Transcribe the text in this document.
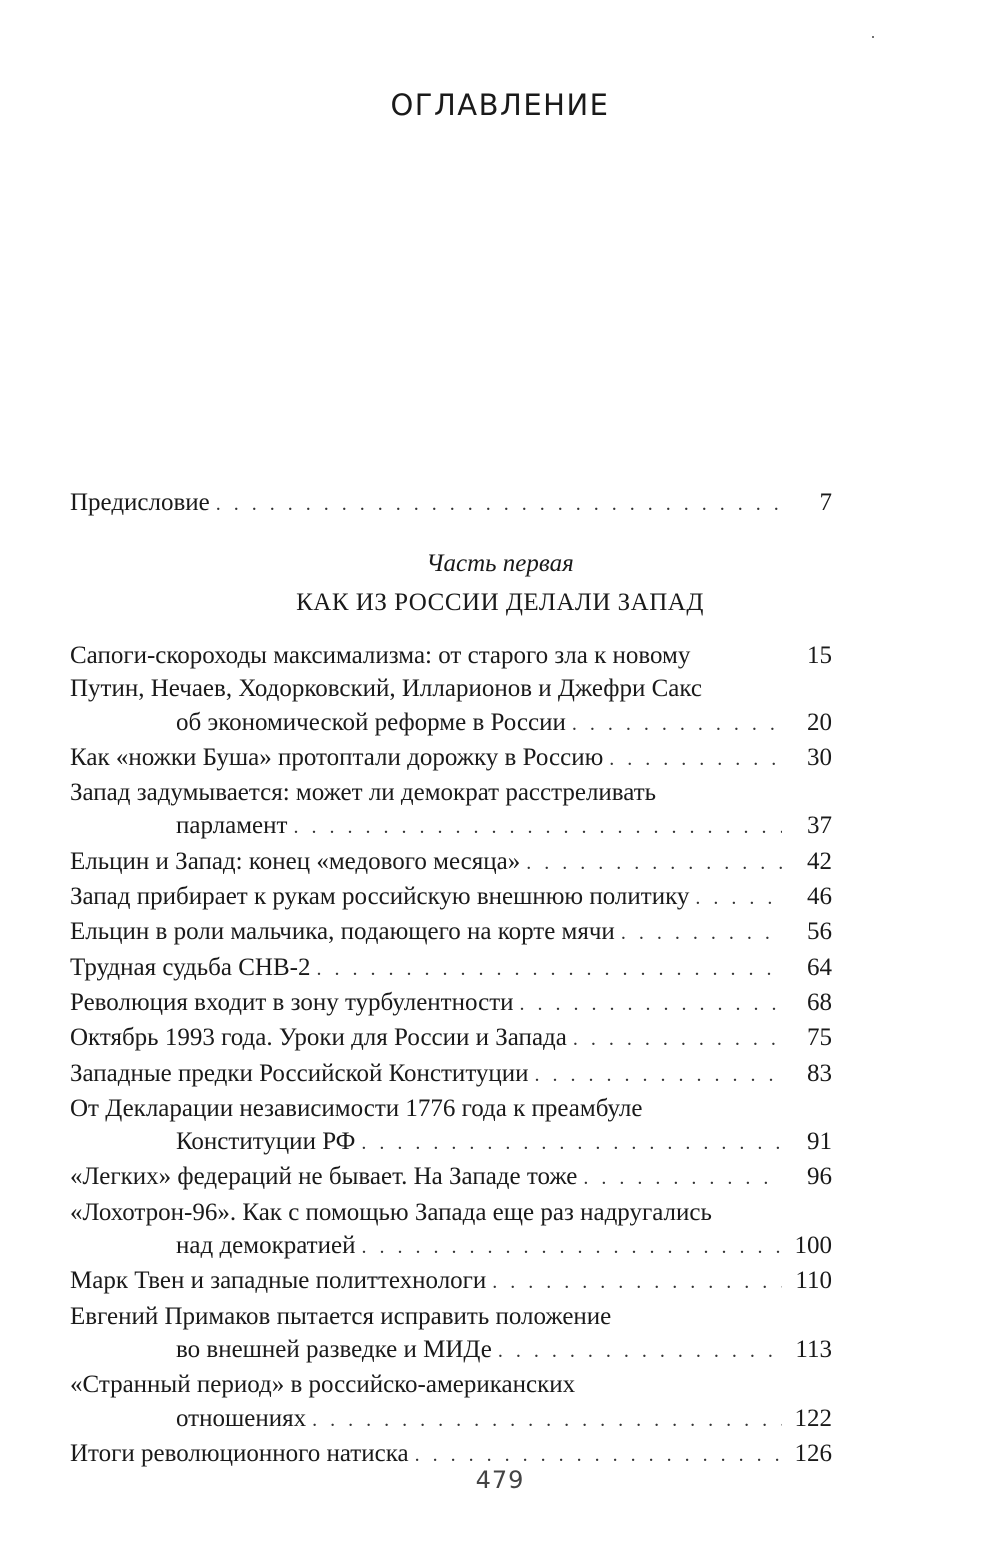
ОГЛАВЛЕНИЕ
Предисловие . . .	7
Часть первая
КАК ИЗ РОССИИ ДЕЛАЛИ ЗАПАД
Сапоги-скороходы максимализма: от старого зла к новому	15
Путин, Нечаев, Ходорковский, Илларионов и Джефри Сакс
об экономической реформе в России . . .	20
Как «ножки Буша» протоптали дорожку в Россию . . .	30
Запад задумывается: может ли демократ расстреливать
парламент . . .	37
Ельцин и Запад: конец «медового месяца» . . .	42
Запад прибирает к рукам российскую внешнюю политику . . .	46
Ельцин в роли мальчика, подающего на корте мячи . . .	56
Трудная судьба СНВ-2 . . .	64
Революция входит в зону турбулентности . . .	68
Октябрь 1993 года. Уроки для России и Запада . . .	75
Западные предки Российской Конституции . . .	83
От Декларации независимости 1776 года к преамбуле
Конституции РФ . . .	91
«Легких» федераций не бывает. На Западе тоже . . .	96
«Лохотрон-96». Как с помощью Запада еще раз надругались
над демократией . . .	100
Марк Твен и западные политтехнологи . . .	110
Евгений Примаков пытается исправить положение
во внешней разведке и МИДе . . .	113
«Странный период» в российско-американских
отношениях . . .	122
Итоги революционного натиска . . .	126
479
